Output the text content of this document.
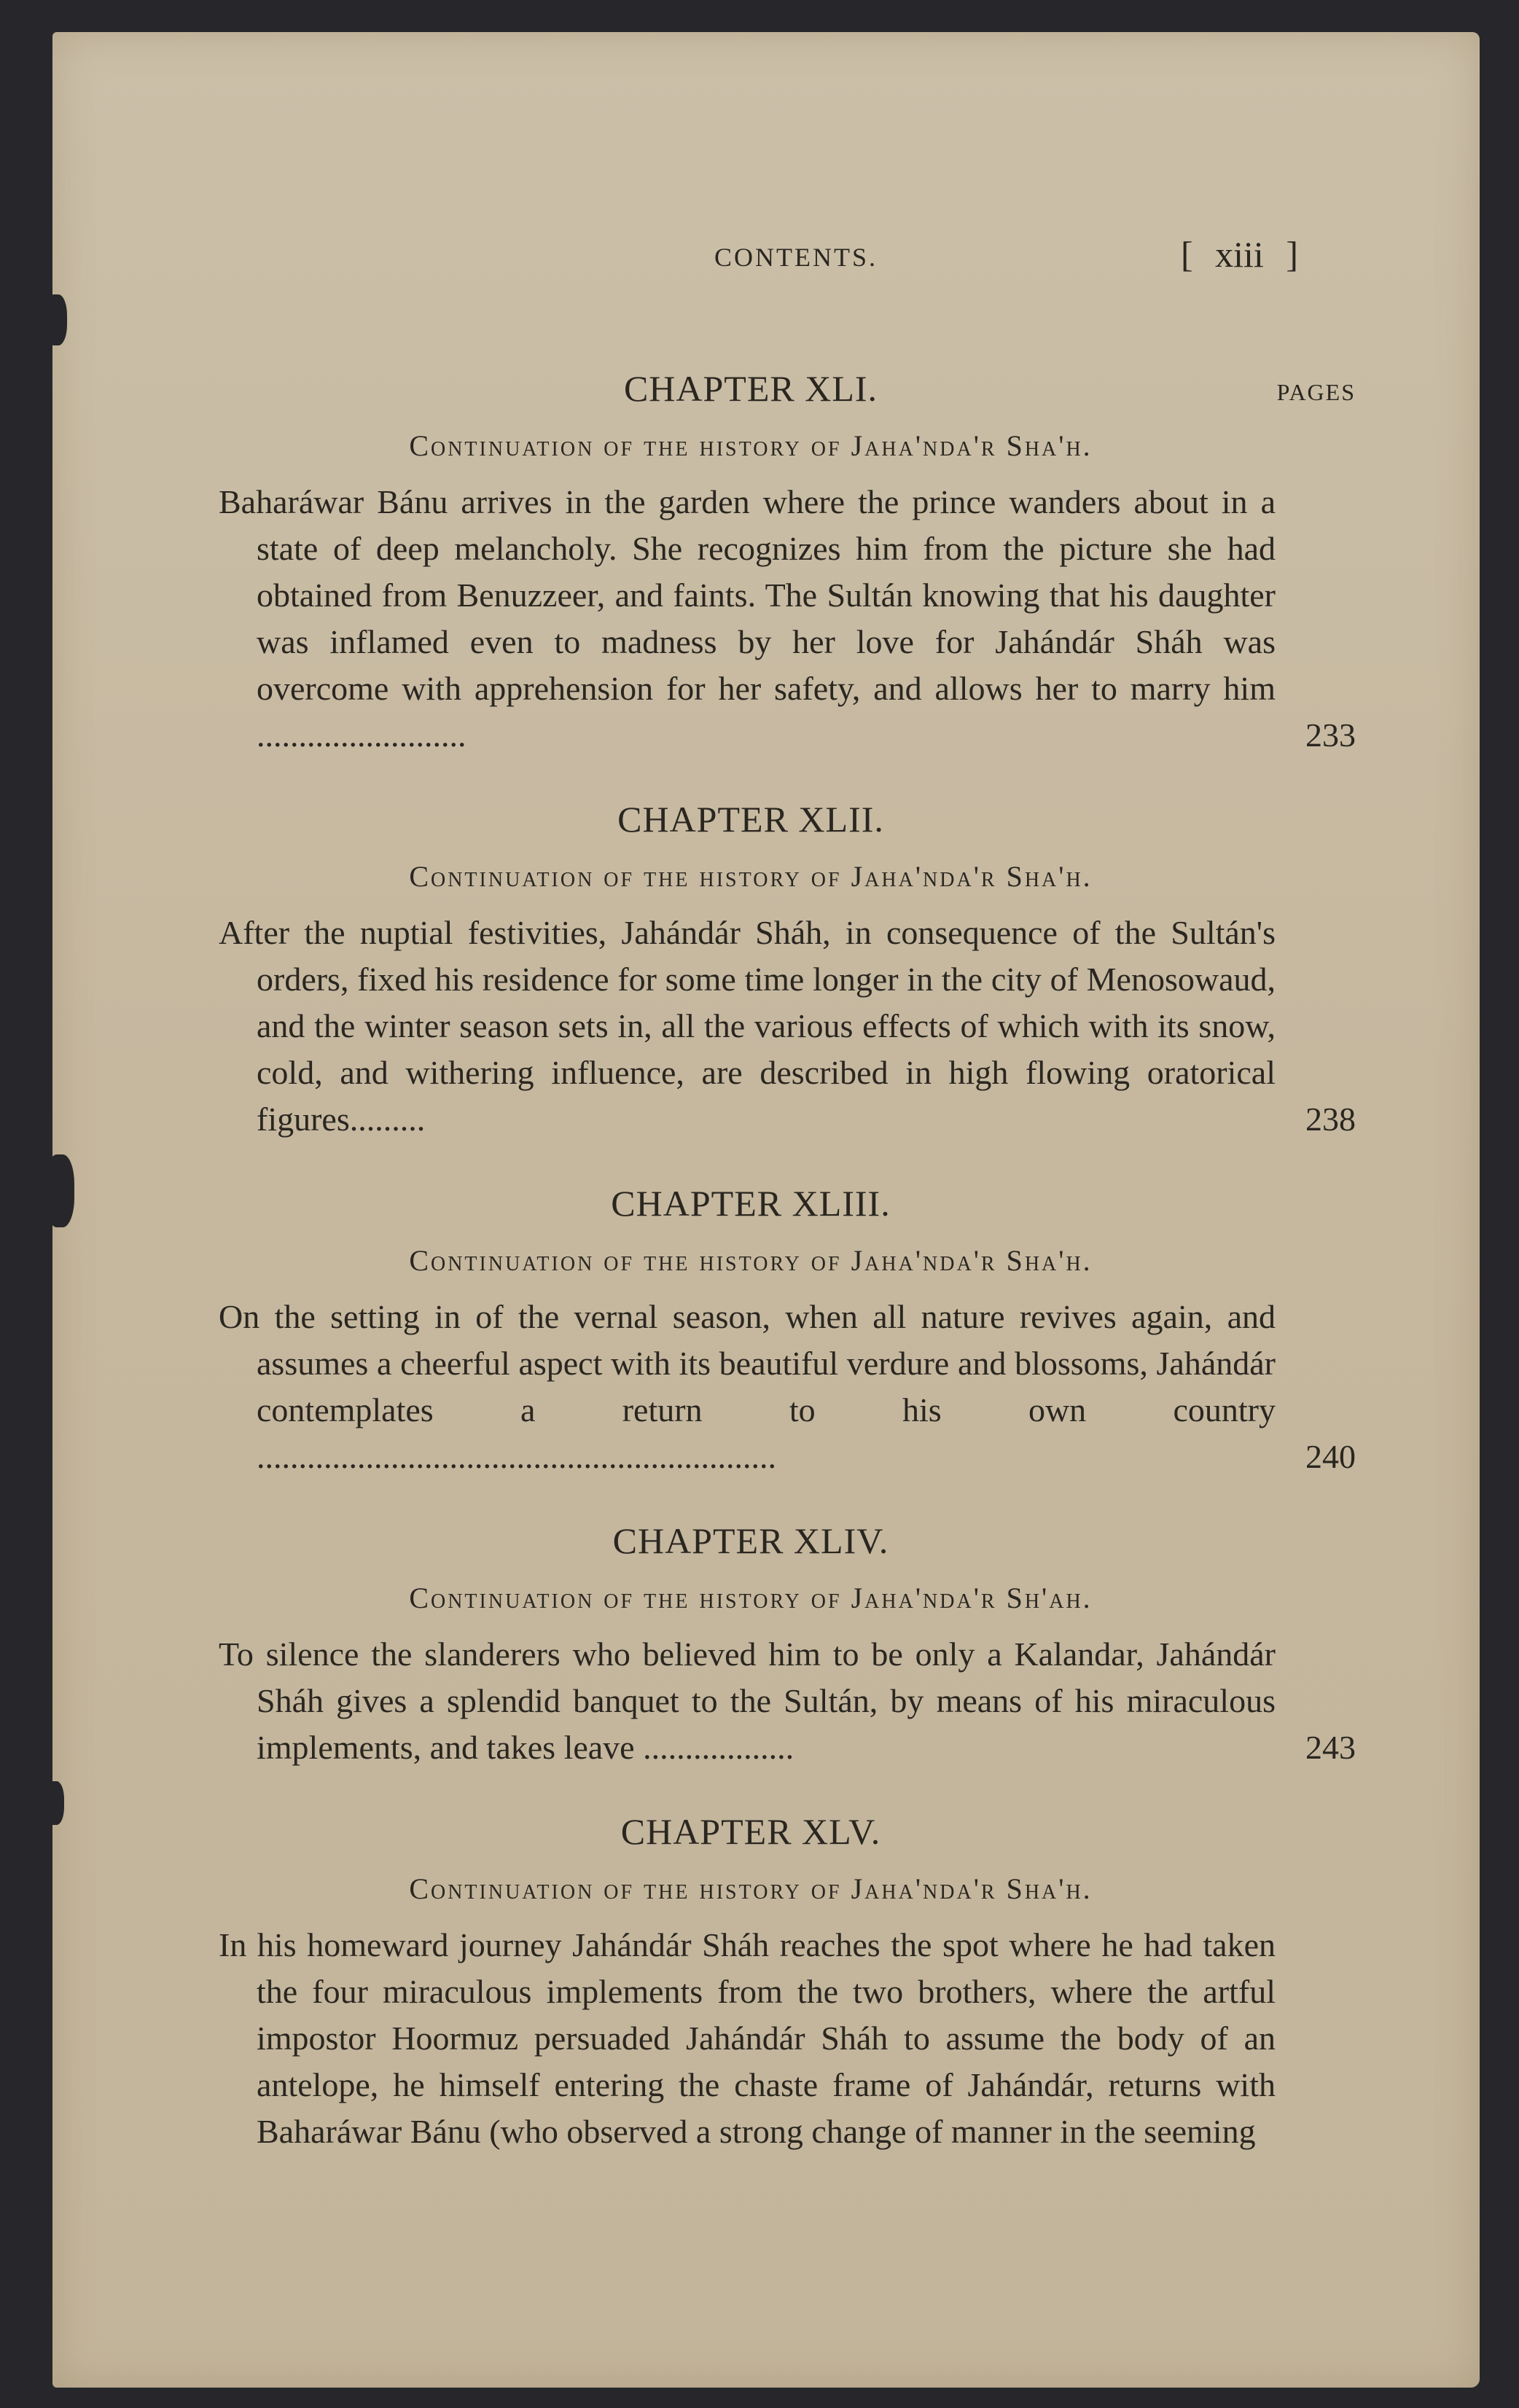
CONTENTS.	[ xiii ]
CHAPTER XLI.	PAGES
Continuation of the history of Jaha'nda'r Sha'h.
Baharáwar Bánu arrives in the garden where the prince wanders about in a state of deep melancholy. She recognizes him from the picture she had obtained from Benuzzeer, and faints. The Sultán knowing that his daughter was inflamed even to madness by her love for Jahándár Sháh was overcome with apprehension for her safety, and allows her to marry him .........................	233
CHAPTER XLII.
Continuation of the history of Jaha'nda'r Sha'h.
After the nuptial festivities, Jahándár Sháh, in consequence of the Sultán's orders, fixed his residence for some time longer in the city of Menosowaud, and the winter season sets in, all the various effects of which with its snow, cold, and withering influence, are described in high flowing oratorical figures.........	238
CHAPTER XLIII.
Continuation of the history of Jaha'nda'r Sha'h.
On the setting in of the vernal season, when all nature revives again, and assumes a cheerful aspect with its beautiful verdure and blossoms, Jahándár contemplates a return to his own country ..............................................................	240
CHAPTER XLIV.
Continuation of the history of Jaha'nda'r Sh'ah.
To silence the slanderers who believed him to be only a Kalandar, Jahándár Sháh gives a splendid banquet to the Sultán, by means of his miraculous implements, and takes leave ..................	243
CHAPTER XLV.
Continuation of the history of Jaha'nda'r Sha'h.
In his homeward journey Jahándár Sháh reaches the spot where he had taken the four miraculous implements from the two brothers, where the artful impostor Hoormuz persuaded Jahándár Sháh to assume the body of an antelope, he himself entering the chaste frame of Jahándár, returns with Baharáwar Bánu (who observed a strong change of manner in the seeming
